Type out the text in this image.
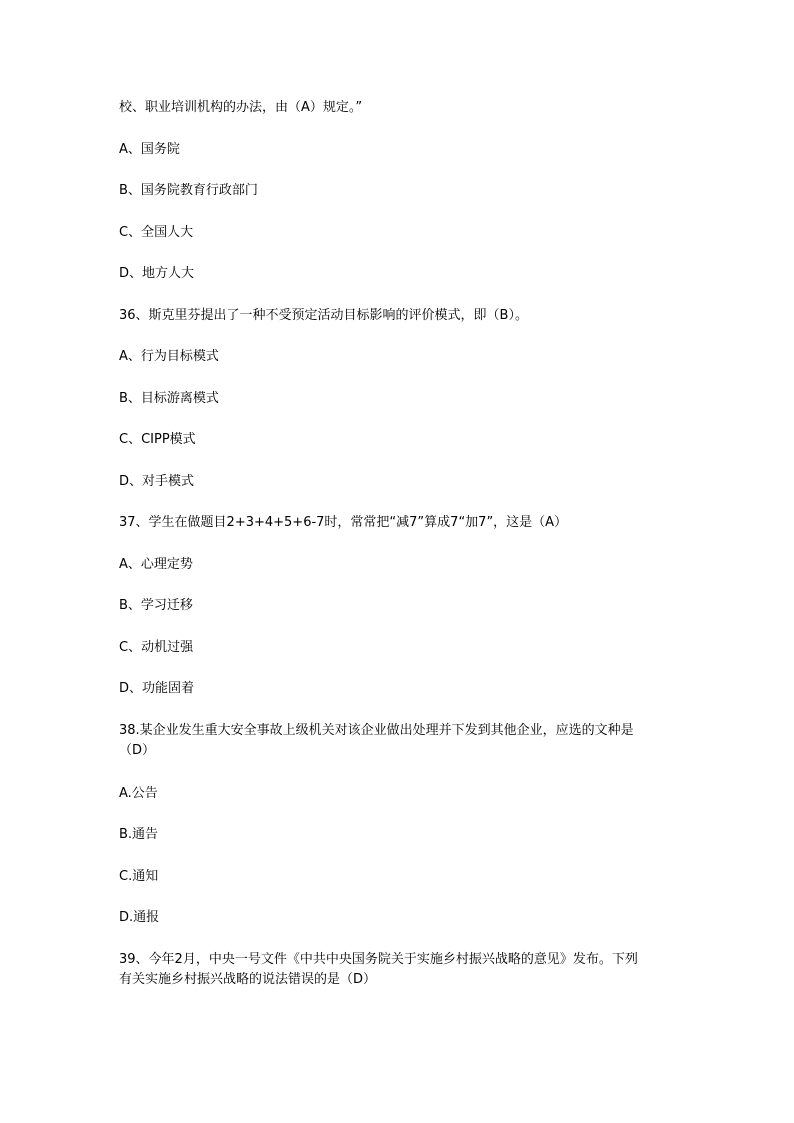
校、职业培训机构的办法，由（A）规定。”
A、国务院
B、国务院教育行政部门
C、全国人大
D、地方人大
36、斯克里芬提出了一种不受预定活动目标影响的评价模式，即（B）。
A、行为目标模式
B、目标游离模式
C、CIPP模式
D、对手模式
37、学生在做题目2+3+4+5+6-7时，常常把“减7”算成7“加7”，这是（A）
A、心理定势
B、学习迁移
C、动机过强
D、功能固着
38.某企业发生重大安全事故上级机关对该企业做出处理并下发到其他企业，应选的文种是
（D）
A.公告
B.通告
C.通知
D.通报
39、今年2月，中央一号文件《中共中央国务院关于实施乡村振兴战略的意见》发布。下列
有关实施乡村振兴战略的说法错误的是（D）
